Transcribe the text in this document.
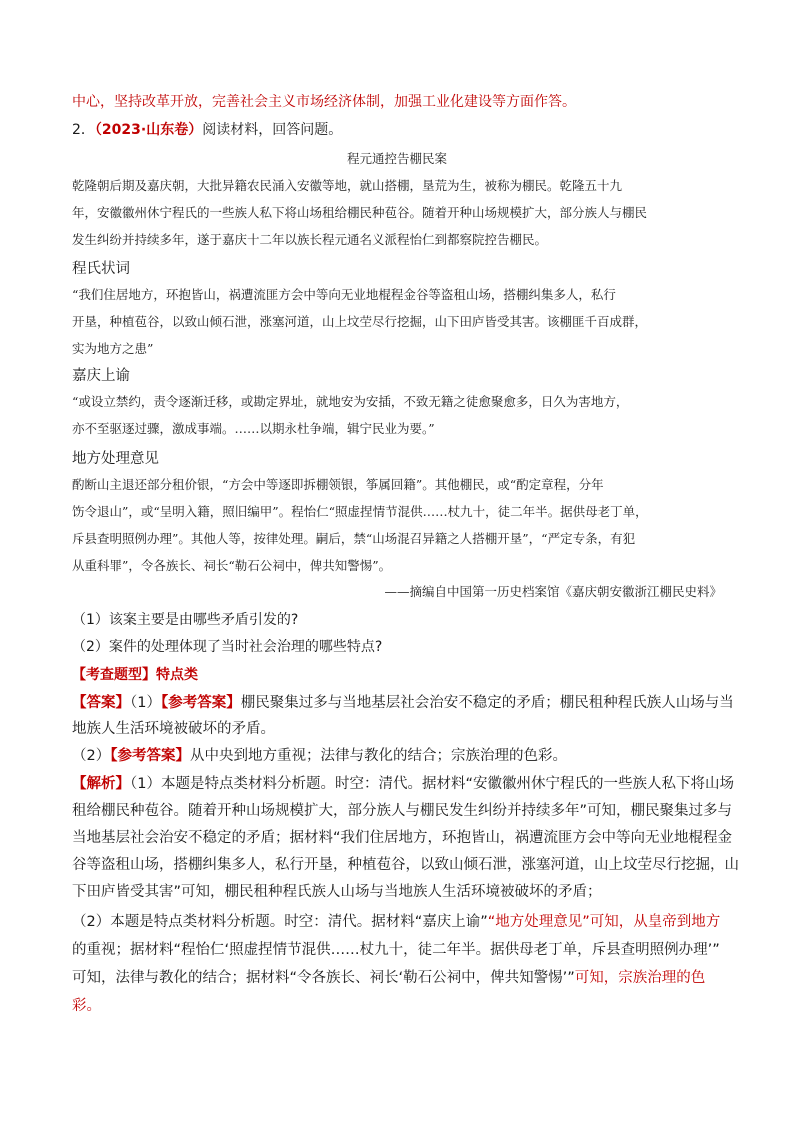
中心，坚持改革开放，完善社会主义市场经济体制，加强工业化建设等方面作答。
2．（2023·山东卷）阅读材料，回答问题。
程元通控告棚民案
乾隆朝后期及嘉庆朝，大批异籍农民涌入安徽等地，就山搭棚，垦荒为生，被称为棚民。乾隆五十九
年，安徽徽州休宁程氏的一些族人私下将山场租给棚民种苞谷。随着开种山场规模扩大，部分族人与棚民
发生纠纷并持续多年，遂于嘉庆十二年以族长程元通名义派程怡仁到都察院控告棚民。
程氏状词
“我们住居地方，环抱皆山，祸遭流匪方会中等向无业地棍程金谷等盗租山场，搭棚纠集多人，私行
开垦，种植苞谷，以致山倾石泄，涨塞河道，山上坟茔尽行挖掘，山下田庐皆受其害。该棚匪千百成群，
实为地方之患”
嘉庆上谕
“或设立禁约，责令逐渐迁移，或勘定界址，就地安为安插，不致无籍之徒愈聚愈多，日久为害地方，
亦不至驱逐过骤，激成事端。……以期永杜争端，辑宁民业为要。”
地方处理意见
酌断山主退还部分租价银，“方会中等逐即拆棚领银，筝属回籍”。其他棚民，或“酌定章程，分年
饬令退山”，或“呈明入籍，照旧编甲”。程怡仁“照虚捏情节混供……杖九十，徒二年半。据供母老丁单，
斥县查明照例办理”。其他人等，按律处理。嗣后，禁“山场混召异籍之人搭棚开垦”，“严定专条，有犯
从重科罪”，令各族长、祠长“勒石公祠中，俾共知警惕”。
——摘编自中国第一历史档案馆《嘉庆朝安徽浙江棚民史料》
（1）该案主要是由哪些矛盾引发的?
（2）案件的处理体现了当时社会治理的哪些特点?
【考查题型】特点类
【答案】（1）【参考答案】棚民聚集过多与当地基层社会治安不稳定的矛盾；棚民租种程氏族人山场与当
地族人生活环境被破坏的矛盾。
（2）【参考答案】从中央到地方重视；法律与教化的结合；宗族治理的色彩。
【解析】（1）本题是特点类材料分析题。时空：清代。据材料“安徽徽州休宁程氏的一些族人私下将山场
租给棚民种苞谷。随着开种山场规模扩大，部分族人与棚民发生纠纷并持续多年”可知，棚民聚集过多与
当地基层社会治安不稳定的矛盾；据材料“我们住居地方，环抱皆山，祸遭流匪方会中等向无业地棍程金
谷等盗租山场，搭棚纠集多人，私行开垦，种植苞谷，以致山倾石泄，涨塞河道，山上坟茔尽行挖掘，山
下田庐皆受其害”可知，棚民租种程氏族人山场与当地族人生活环境被破坏的矛盾；
（2）本题是特点类材料分析题。时空：清代。据材料“嘉庆上谕”“地方处理意见”可知，从皇帝到地方
的重视；据材料“程怡仁‘照虚捏情节混供……杖九十，徒二年半。据供母老丁单，斥县查明照例办理’”
可知，法律与教化的结合；据材料“令各族长、祠长‘勒石公祠中，俾共知警惕’”可知，宗族治理的色
彩。
